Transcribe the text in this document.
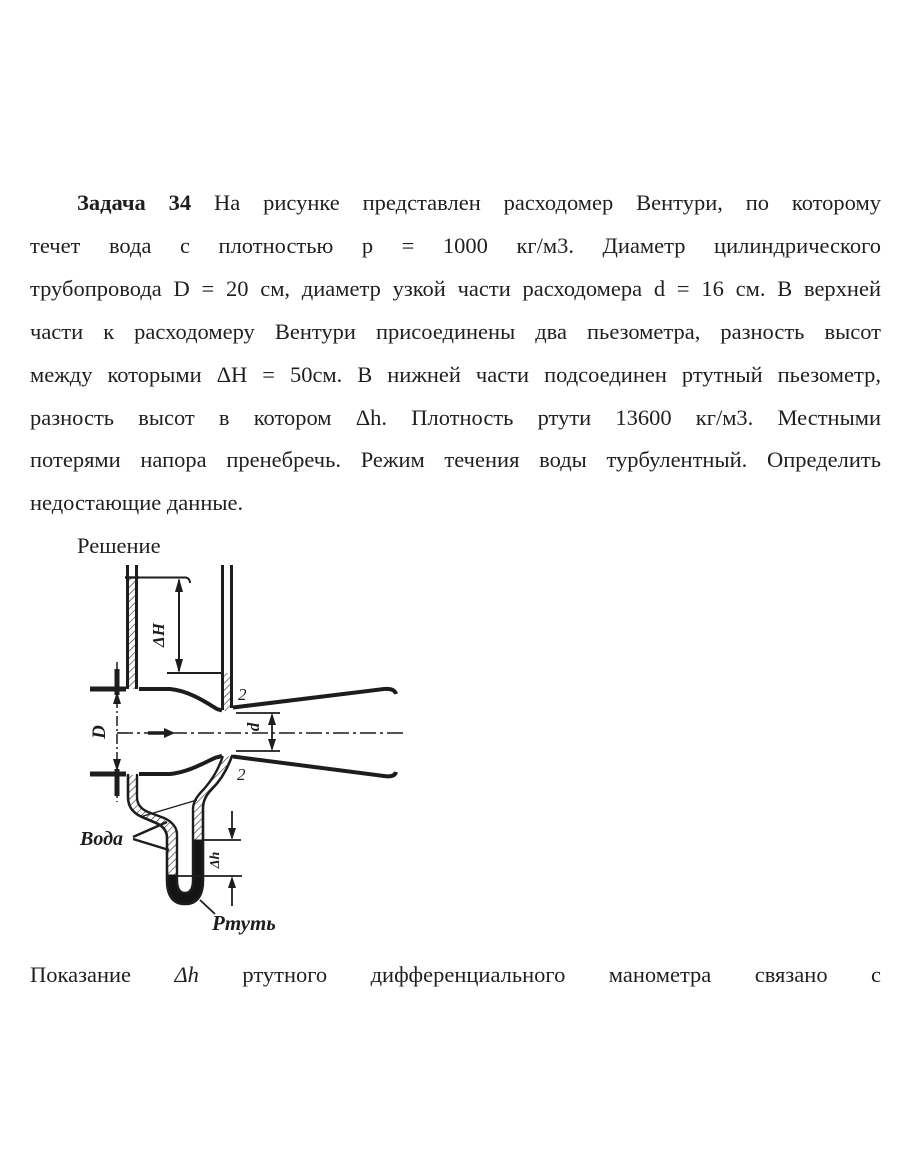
Задача 34 На рисунке представлен расходомер Вентури, по которому
течет вода с плотностью p = 1000 кг/м3. Диаметр цилиндрического
трубопровода D = 20 см, диаметр узкой части расходомера d = 16 см. В верхней
части к расходомеру Вентури присоединены два пьезометра, разность высот
между которыми ΔH = 50см. В нижней части подсоединен ртутный пьезометр,
разность высот в котором Δh. Плотность ртути 13600 кг/м3. Местными
потерями напора пренебречь. Режим течения воды турбулентный. Определить
недостающие данные.
Решение
D
ΔH
d
2
2
Δh
Вода
Ртуть
Показание Δh ртутного дифференциального манометра связано с
